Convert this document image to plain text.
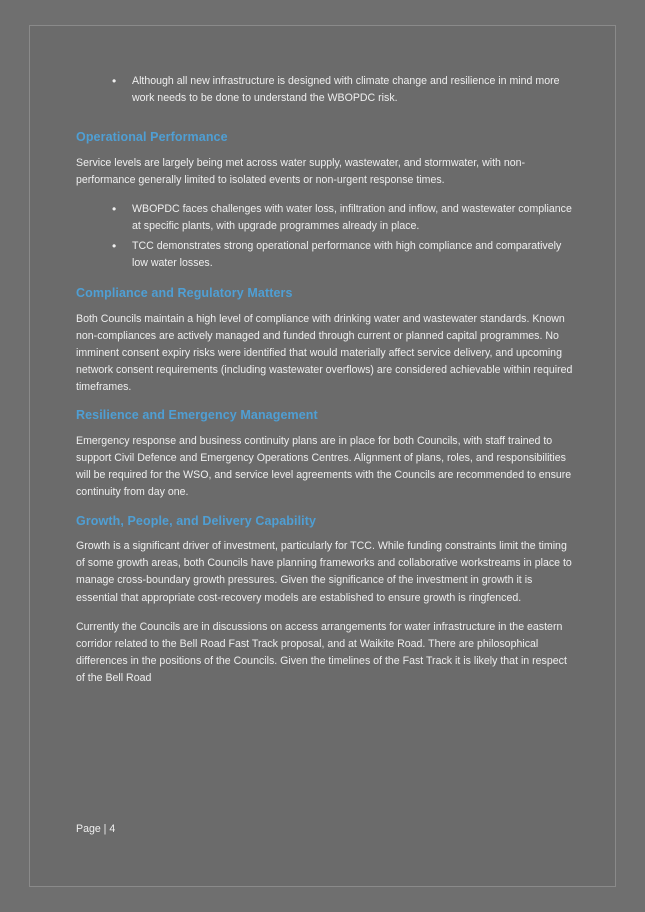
• Although all new infrastructure is designed with climate change and resilience in mind more work needs to be done to understand the WBOPDC risk.
Operational Performance

Service levels are largely being met across water supply, wastewater, and stormwater, with non-performance generally limited to isolated events or non-urgent response times.

• WBOPDC faces challenges with water loss, infiltration and inflow, and wastewater compliance at specific plants, with upgrade programmes already in place.
• TCC demonstrates strong operational performance with high compliance and comparatively low water losses.
Compliance and Regulatory Matters

Both Councils maintain a high level of compliance with drinking water and wastewater standards. Known non-compliances are actively managed and funded through current or planned capital programmes. No imminent consent expiry risks were identified that would materially affect service delivery, and upcoming network consent requirements (including wastewater overflows) are considered achievable within required timeframes.

Resilience and Emergency Management

Emergency response and business continuity plans are in place for both Councils, with staff trained to support Civil Defence and Emergency Operations Centres. Alignment of plans, roles, and responsibilities will be required for the WSO, and service level agreements with the Councils are recommended to ensure continuity from day one.

Growth, People, and Delivery Capability

Growth is a significant driver of investment, particularly for TCC. While funding constraints limit the timing of some growth areas, both Councils have planning frameworks and collaborative workstreams in place to manage cross-boundary growth pressures. Given the significance of the investment in growth it is essential that appropriate cost-recovery models are established to ensure growth is ringfenced.

Currently the Councils are in discussions on access arrangements for water infrastructure in the eastern corridor related to the Bell Road Fast Track proposal, and at Waikite Road. There are philosophical differences in the positions of the Councils. Given the timelines of the Fast Track it is likely that in respect of the Bell Road

Page | 4
